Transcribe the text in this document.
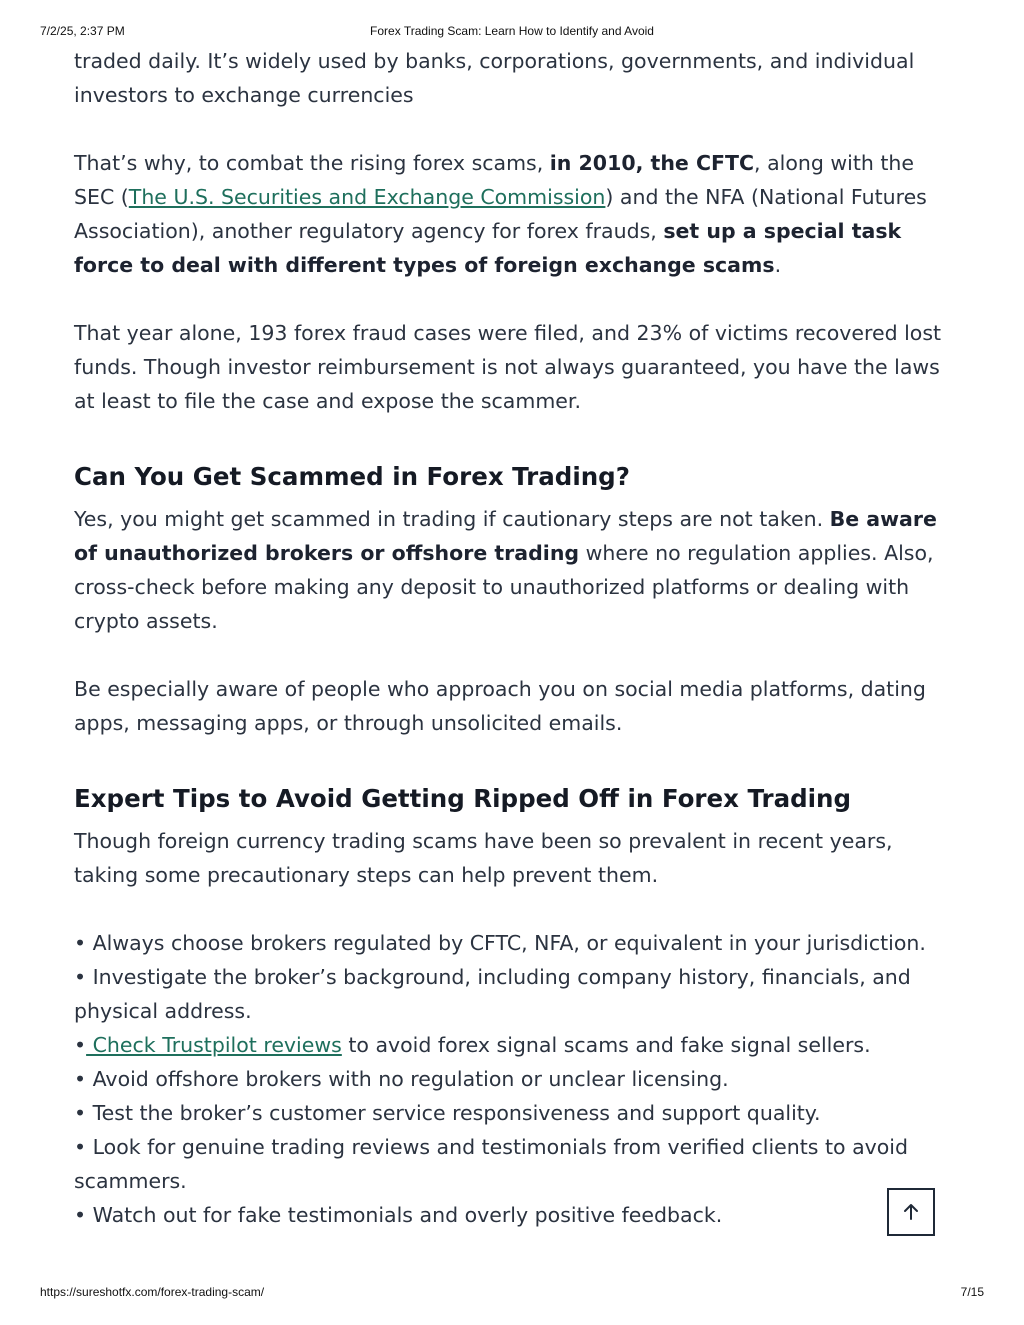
7/2/25, 2:37 PM	Forex Trading Scam: Learn How to Identify and Avoid

traded daily. It’s widely used by banks, corporations, governments, and individual investors to exchange currencies

That’s why, to combat the rising forex scams, in 2010, the CFTC, along with the SEC (The U.S. Securities and Exchange Commission) and the NFA (National Futures Association), another regulatory agency for forex frauds, set up a special task force to deal with different types of foreign exchange scams.

That year alone, 193 forex fraud cases were filed, and 23% of victims recovered lost funds. Though investor reimbursement is not always guaranteed, you have the laws at least to file the case and expose the scammer.

Can You Get Scammed in Forex Trading?

Yes, you might get scammed in trading if cautionary steps are not taken. Be aware of unauthorized brokers or offshore trading where no regulation applies. Also, cross-check before making any deposit to unauthorized platforms or dealing with crypto assets.

Be especially aware of people who approach you on social media platforms, dating apps, messaging apps, or through unsolicited emails.

Expert Tips to Avoid Getting Ripped Off in Forex Trading

Though foreign currency trading scams have been so prevalent in recent years, taking some precautionary steps can help prevent them.

• Always choose brokers regulated by CFTC, NFA, or equivalent in your jurisdiction.

• Investigate the broker’s background, including company history, financials, and physical address.

• Check Trustpilot reviews to avoid forex signal scams and fake signal sellers.

• Avoid offshore brokers with no regulation or unclear licensing.

• Test the broker’s customer service responsiveness and support quality.

• Look for genuine trading reviews and testimonials from verified clients to avoid scammers.

• Watch out for fake testimonials and overly positive feedback.

https://sureshotfx.com/forex-trading-scam/	7/15
